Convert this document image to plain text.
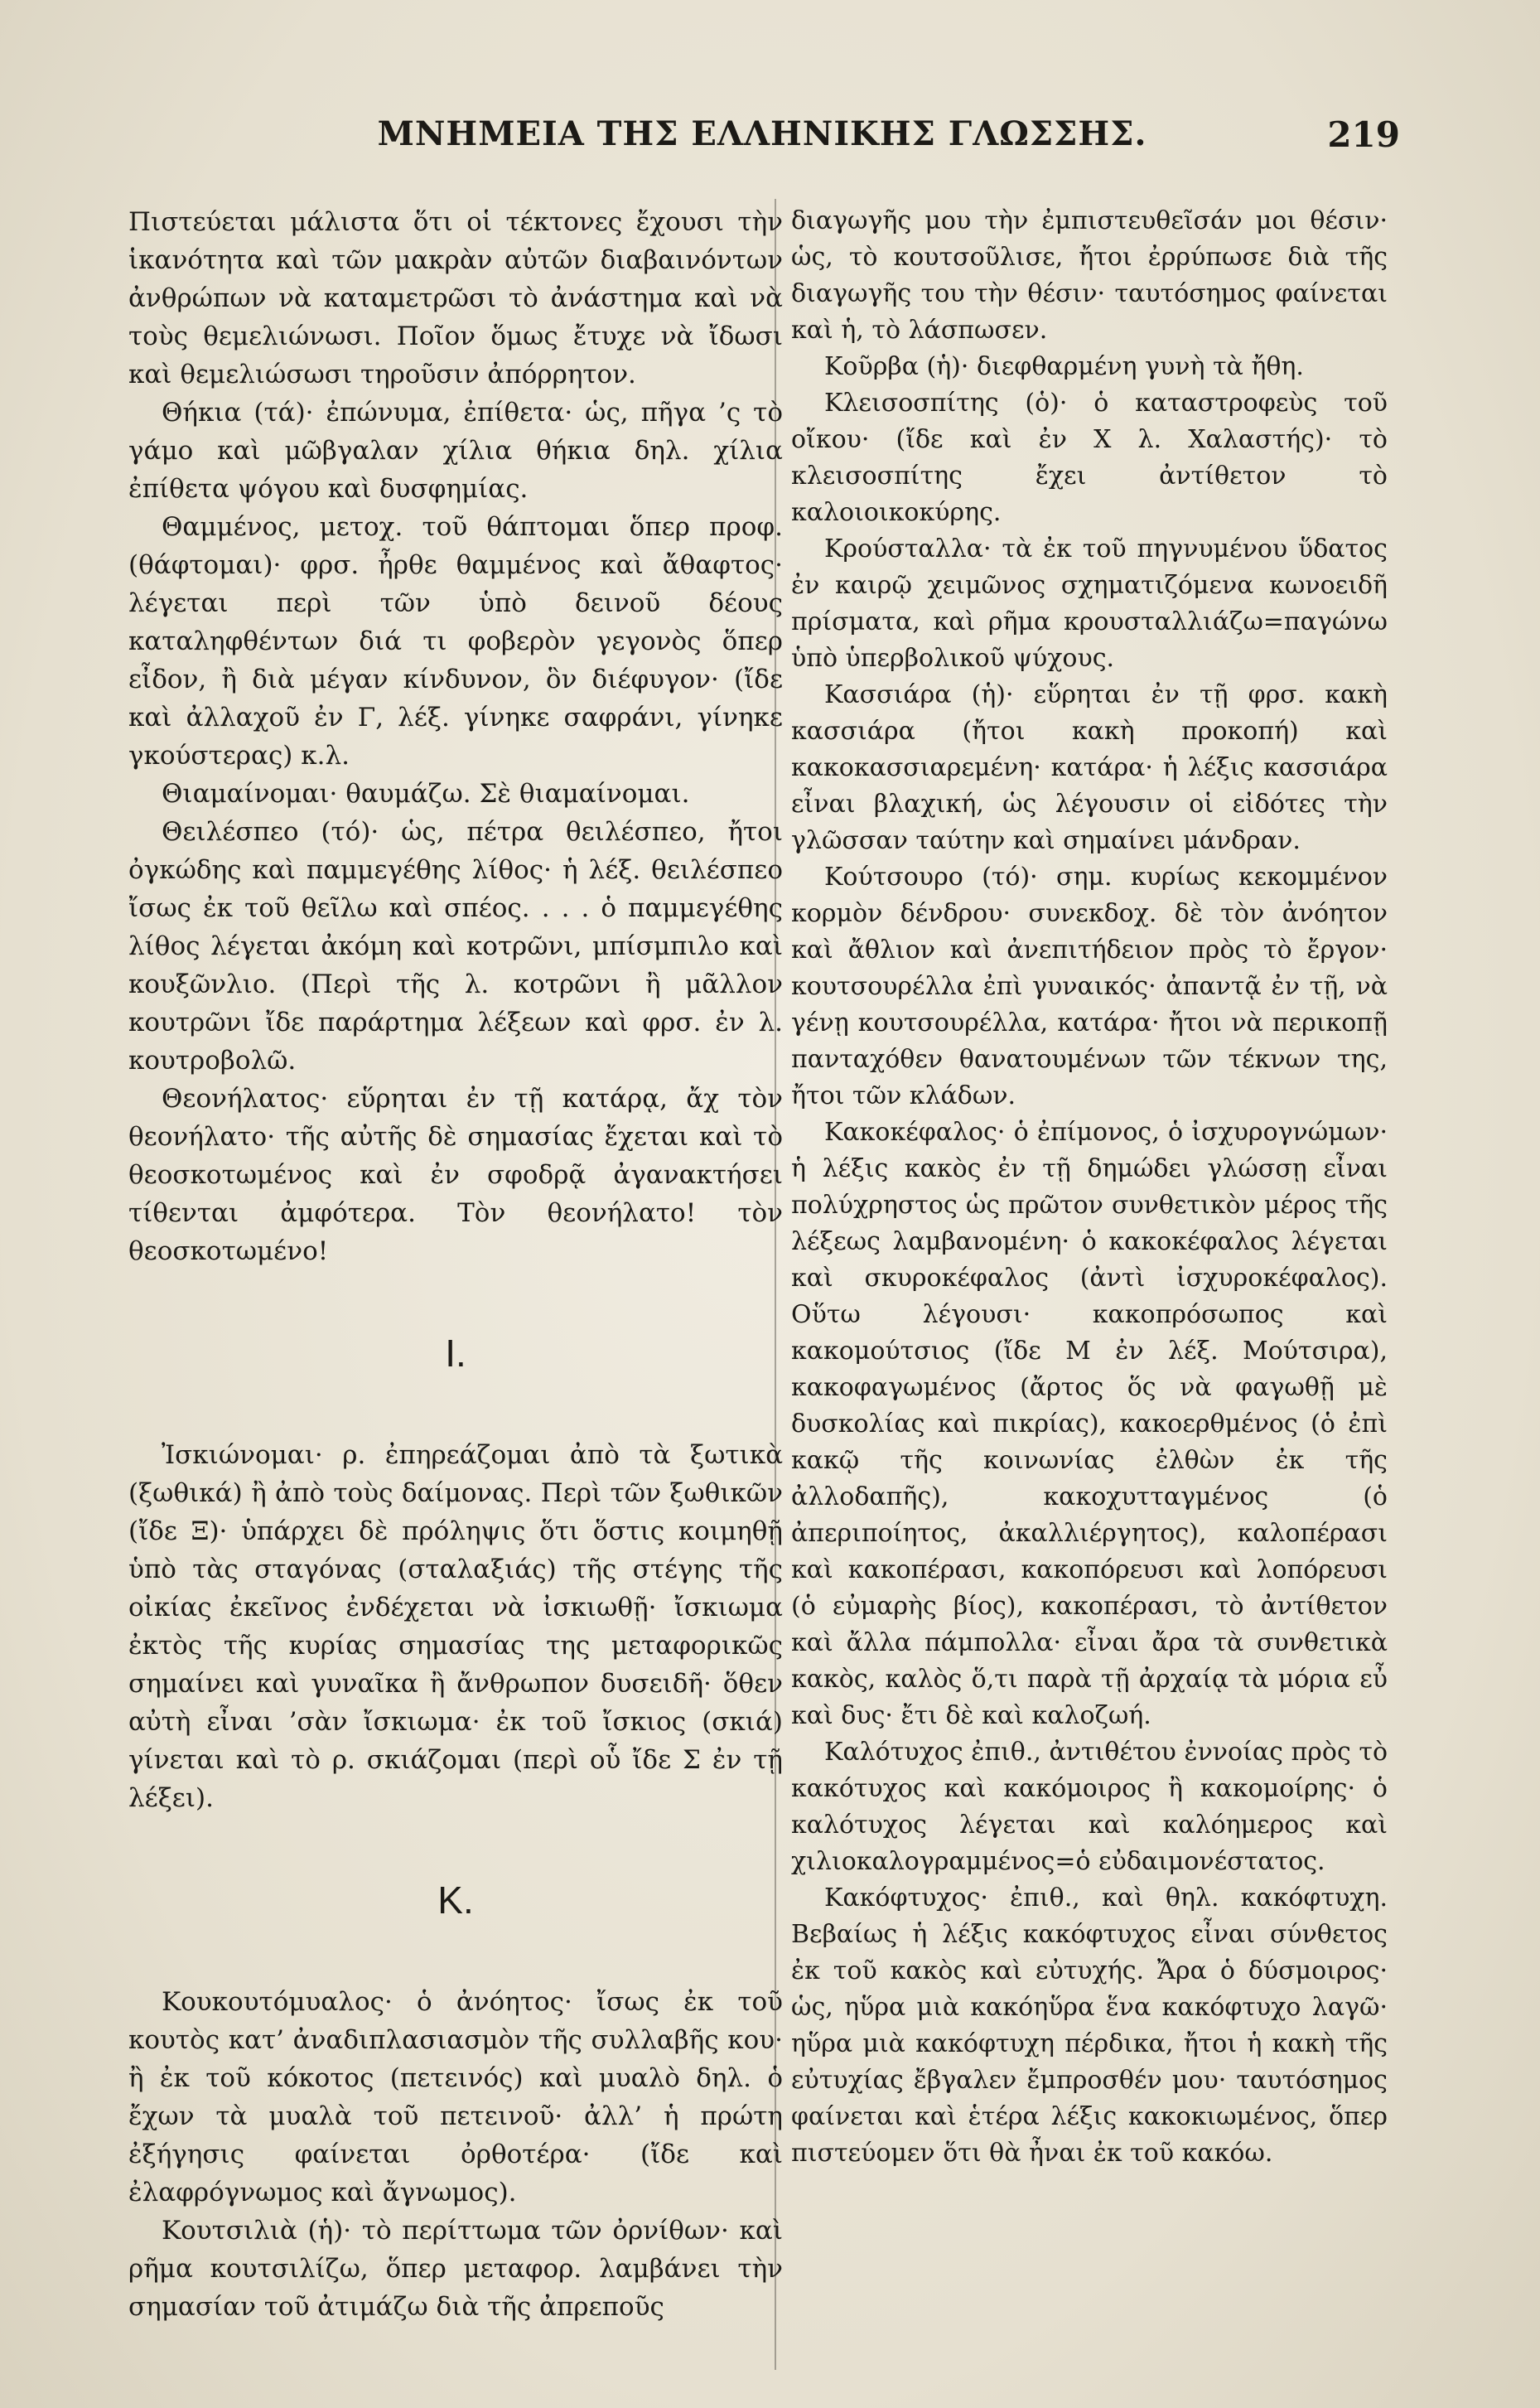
ΜΝΗΜΕΙΑ ΤΗΣ ΕΛΛΗΝΙΚΗΣ ΓΛΩΣΣΗΣ.	219

Πιστεύεται μάλιστα ὅτι οἱ τέκτονες ἔχουσι τὴν ἱκανότητα καὶ τῶν μακρὰν αὐτῶν διαβαινόντων ἀνθρώπων νὰ καταμετρῶσι τὸ ἀνάστημα καὶ νὰ τοὺς θεμελιώνωσι. Ποῖον ὅμως ἔτυχε νὰ ἴδωσι καὶ θεμελιώσωσι τηροῦσιν ἀπόρρητον.

Θήκια (τά)· ἐπώνυμα, ἐπίθετα· ὡς, πῆγα ’ς τὸ γάμο καὶ μῶβγαλαν χίλια θήκια δηλ. χίλια ἐπίθετα ψόγου καὶ δυσφημίας.

Θαμμένος, μετοχ. τοῦ θάπτομαι ὅπερ προφ. (θάφτομαι)· φρσ. ἦρθε θαμμένος καὶ ἄθαφτος· λέγεται περὶ τῶν ὑπὸ δεινοῦ δέους καταληφθέντων διά τι φοβερὸν γεγονὸς ὅπερ εἶδον, ἢ διὰ μέγαν κίνδυνον, ὃν διέφυγον· (ἴδε καὶ ἀλλαχοῦ ἐν Γ, λέξ. γίνηκε σαφράνι, γίνηκε γκούστερας) κ.λ.

Θιαμαίνομαι· θαυμάζω. Σὲ θιαμαίνομαι.

Θειλέσπεο (τό)· ὡς, πέτρα θειλέσπεο, ἤτοι ὀγκώδης καὶ παμμεγέθης λίθος· ἡ λέξ. θειλέσπεο ἴσως ἐκ τοῦ θεῖλω καὶ σπέος. . . . ὁ παμμεγέθης λίθος λέγεται ἀκόμη καὶ κοτρῶνι, μπίσμπιλο καὶ κουξῶνλιο. (Περὶ τῆς λ. κοτρῶνι ἢ μᾶλλον κουτρῶνι ἴδε παράρτημα λέξεων καὶ φρσ. ἐν λ. κουτροβολῶ.

Θεονήλατος· εὕρηται ἐν τῇ κατάρᾳ, ἄχ τὸν θεονήλατο· τῆς αὐτῆς δὲ σημασίας ἔχεται καὶ τὸ θεοσκοτωμένος καὶ ἐν σφοδρᾷ ἀγανακτήσει τίθενται ἀμφότερα. Τὸν θεονήλατο! τὸν θεοσκοτωμένο!

I.

Ἰσκιώνομαι· ρ. ἐπηρεάζομαι ἀπὸ τὰ ξωτικὰ (ξωθικά) ἢ ἀπὸ τοὺς δαίμονας. Περὶ τῶν ξωθικῶν (ἴδε Ξ)· ὑπάρχει δὲ πρόληψις ὅτι ὅστις κοιμηθῇ ὑπὸ τὰς σταγόνας (σταλαξιάς) τῆς στέγης τῆς οἰκίας ἐκεῖνος ἐνδέχεται νὰ ἰσκιωθῇ· ἴσκιωμα ἐκτὸς τῆς κυρίας σημασίας της μεταφορικῶς σημαίνει καὶ γυναῖκα ἢ ἄνθρωπον δυσειδῆ· ὅθεν αὐτὴ εἶναι ’σὰν ἴσκιωμα· ἐκ τοῦ ἴσκιος (σκιά) γίνεται καὶ τὸ ρ. σκιάζομαι (περὶ οὗ ἴδε Σ ἐν τῇ λέξει).

Κ.

Κουκουτόμυαλος· ὁ ἀνόητος· ἴσως ἐκ τοῦ κουτὸς κατ’ ἀναδιπλασιασμὸν τῆς συλλαβῆς κου· ἢ ἐκ τοῦ κόκοτος (πετεινός) καὶ μυαλὸ δηλ. ὁ ἔχων τὰ μυαλὰ τοῦ πετεινοῦ· ἀλλ’ ἡ πρώτη ἐξήγησις φαίνεται ὀρθοτέρα· (ἴδε καὶ ἐλαφρόγνωμος καὶ ἄγνωμος).

Κουτσιλιὰ (ἡ)· τὸ περίττωμα τῶν ὀρνίθων· καὶ ρῆμα κουτσιλίζω, ὅπερ μεταφορ. λαμβάνει τὴν σημασίαν τοῦ ἀτιμάζω διὰ τῆς ἀπρεποῦς

διαγωγῆς μου τὴν ἐμπιστευθεῖσάν μοι θέσιν· ὡς, τὸ κουτσοῦλισε, ἤτοι ἐρρύπωσε διὰ τῆς διαγωγῆς του τὴν θέσιν· ταυτόσημος φαίνεται καὶ ἡ, τὸ λάσπωσεν.

Κοῦρβα (ἡ)· διεφθαρμένη γυνὴ τὰ ἤθη.

Κλεισοσπίτης (ὁ)· ὁ καταστροφεὺς τοῦ οἴκου· (ἴδε καὶ ἐν Χ λ. Χαλαστής)· τὸ κλεισοσπίτης ἔχει ἀντίθετον τὸ καλοιοικοκύρης.

Κρούσταλλα· τὰ ἐκ τοῦ πηγνυμένου ὕδατος ἐν καιρῷ χειμῶνος σχηματιζόμενα κωνοειδῆ πρίσματα, καὶ ρῆμα κρουσταλλιάζω=παγώνω ὑπὸ ὑπερβολικοῦ ψύχους.

Κασσιάρα (ἡ)· εὕρηται ἐν τῇ φρσ. κακὴ κασσιάρα (ἤτοι κακὴ προκοπή) καὶ κακοκασσιαρεμένη· κατάρα· ἡ λέξις κασσιάρα εἶναι βλαχική, ὡς λέγουσιν οἱ εἰδότες τὴν γλῶσσαν ταύτην καὶ σημαίνει μάνδραν.

Κούτσουρο (τό)· σημ. κυρίως κεκομμένον κορμὸν δένδρου· συνεκδοχ. δὲ τὸν ἀνόητον καὶ ἄθλιον καὶ ἀνεπιτήδειον πρὸς τὸ ἔργον· κουτσουρέλλα ἐπὶ γυναικός· ἀπαντᾷ ἐν τῇ, νὰ γένῃ κουτσουρέλλα, κατάρα· ἤτοι νὰ περικοπῇ πανταχόθεν θανατουμένων τῶν τέκνων της, ἤτοι τῶν κλάδων.

Κακοκέφαλος· ὁ ἐπίμονος, ὁ ἰσχυρογνώμων· ἡ λέξις κακὸς ἐν τῇ δημώδει γλώσσῃ εἶναι πολύχρηστος ὡς πρῶτον συνθετικὸν μέρος τῆς λέξεως λαμβανομένη· ὁ κακοκέφαλος λέγεται καὶ σκυροκέφαλος (ἀντὶ ἰσχυροκέφαλος). Οὕτω λέγουσι· κακοπρόσωπος καὶ κακομούτσιος (ἴδε Μ ἐν λέξ. Μούτσιρα), κακοφαγωμένος (ἄρτος ὅς νὰ φαγωθῇ μὲ δυσκολίας καὶ πικρίας), κακοερθμένος (ὁ ἐπὶ κακῷ τῆς κοινωνίας ἐλθὼν ἐκ τῆς ἀλλοδαπῆς), κακοχυτταγμένος (ὁ ἀπεριποίητος, ἀκαλλιέργητος), καλοπέρασι καὶ κακοπέρασι, κακοπόρευσι καὶ λοπόρευσι (ὁ εὐμαρὴς βίος), κακοπέρασι, τὸ ἀντίθετον καὶ ἄλλα πάμπολλα· εἶναι ἄρα τὰ συνθετικὰ κακὸς, καλὸς ὅ,τι παρὰ τῇ ἀρχαίᾳ τὰ μόρια εὖ καὶ δυς· ἔτι δὲ καὶ καλοζωή.

Καλότυχος ἐπιθ., ἀντιθέτου ἐννοίας πρὸς τὸ κακότυχος καὶ κακόμοιρος ἢ κακομοίρης· ὁ καλότυχος λέγεται καὶ καλόημερος καὶ χιλιοκαλογραμμένος=ὁ εὐδαιμονέστατος.

Κακόφτυχος· ἐπιθ., καὶ θηλ. κακόφτυχη. Βεβαίως ἡ λέξις κακόφτυχος εἶναι σύνθετος ἐκ τοῦ κακὸς καὶ εὐτυχής. Ἄρα ὁ δύσμοιρος· ὡς, ηὕρα μιὰ κακόηὕρα ἕνα κακόφτυχο λαγῶ· ηὕρα μιὰ κακόφτυχη πέρδικα, ἤτοι ἡ κακὴ τῆς εὐτυχίας ἔβγαλεν ἔμπροσθέν μου· ταυτόσημος φαίνεται καὶ ἑτέρα λέξις κακοκιωμένος, ὅπερ πιστεύομεν ὅτι θὰ ἦναι ἐκ τοῦ κακόω.
